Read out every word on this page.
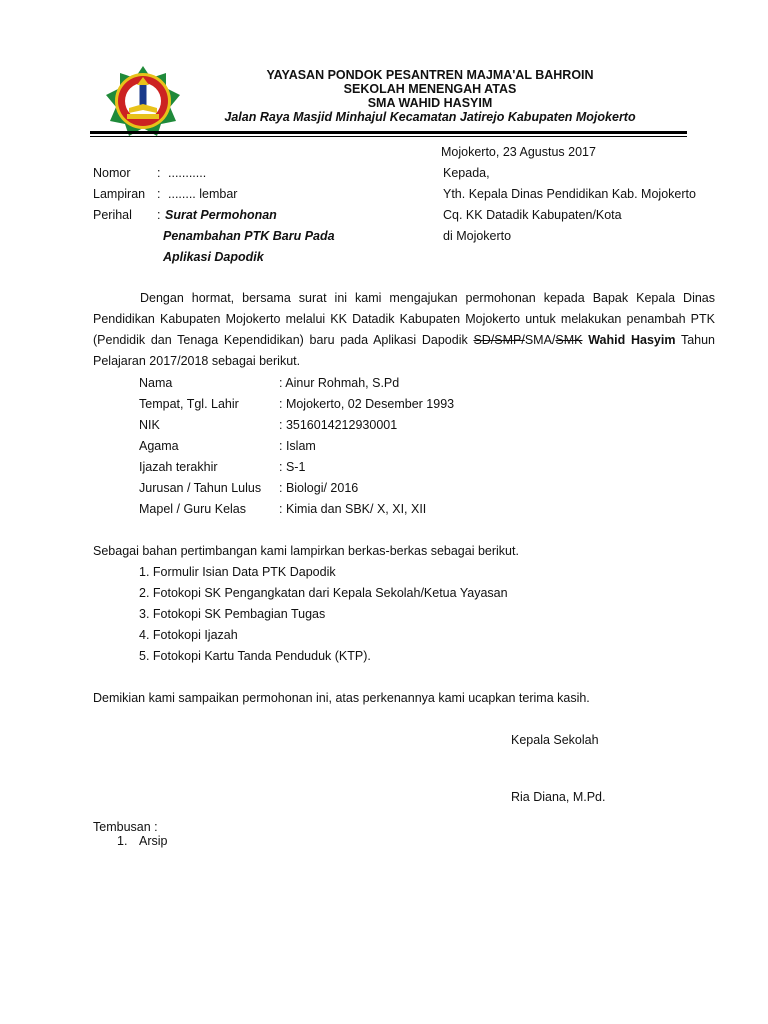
YAYASAN PONDOK PESANTREN MAJMA'AL BAHROIN
SEKOLAH MENENGAH ATAS
SMA WAHID HASYIM
Jalan Raya Masjid Minhajul Kecamatan Jatirejo Kabupaten Mojokerto
Mojokerto, 23 Agustus 2017
Nomor : ...........
Lampiran : ........ lembar
Perihal : Surat Permohonan
Penambahan PTK Baru Pada
Aplikasi Dapodik
Kepada,
Yth. Kepala Dinas Pendidikan Kab. Mojokerto
Cq. KK Datadik Kabupaten/Kota
di Mojokerto
Dengan hormat, bersama surat ini kami mengajukan permohonan kepada Bapak Kepala Dinas Pendidikan Kabupaten Mojokerto melalui KK Datadik Kabupaten Mojokerto untuk melakukan penambah PTK (Pendidik dan Tenaga Kependidikan) baru pada Aplikasi Dapodik SD/SMP/SMA/SMK Wahid Hasyim Tahun Pelajaran 2017/2018 sebagai berikut.
Nama	: Ainur Rohmah, S.Pd
Tempat, Tgl. Lahir	: Mojokerto, 02 Desember 1993
NIK	: 3516014212930001
Agama	: Islam
Ijazah terakhir	: S-1
Jurusan / Tahun Lulus : Biologi/ 2016
Mapel / Guru Kelas	: Kimia dan SBK/ X, XI, XII
Sebagai bahan pertimbangan kami lampirkan berkas-berkas sebagai berikut.
1. Formulir Isian Data PTK Dapodik
2. Fotokopi SK Pengangkatan dari Kepala Sekolah/Ketua Yayasan
3. Fotokopi SK Pembagian Tugas
4. Fotokopi Ijazah
5. Fotokopi Kartu Tanda Penduduk (KTP).
Demikian kami sampaikan permohonan ini, atas perkenannya kami ucapkan terima kasih.
Kepala Sekolah
Ria Diana, M.Pd.
Tembusan :
1. Arsip
